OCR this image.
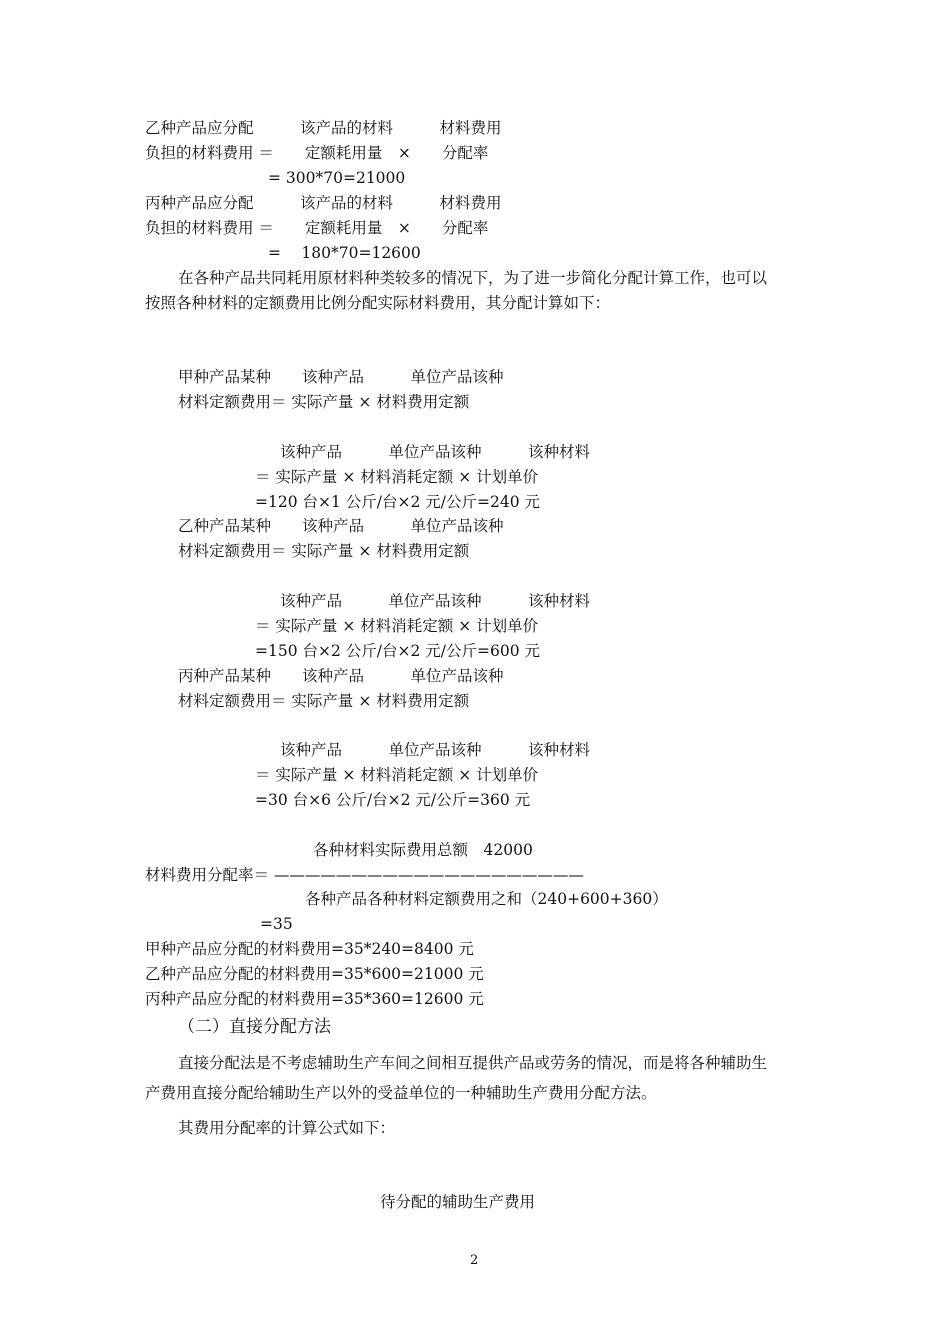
乙种产品应分配　　　该产品的材料　　　材料费用
负担的材料费用 ＝　　定额耗用量　×　　分配率
= 300*70=21000
丙种产品应分配　　　该产品的材料　　　材料费用
负担的材料费用 ＝　　定额耗用量　×　　分配率
=　 180*70=12600
在各种产品共同耗用原材料种类较多的情况下，为了进一步简化分配计算工作，也可以
按照各种材料的定额费用比例分配实际材料费用，其分配计算如下：
甲种产品某种　　该种产品　　　单位产品该种
材料定额费用＝ 实际产量 × 材料费用定额
该种产品　　　单位产品该种　　　该种材料
＝ 实际产量 × 材料消耗定额 × 计划单价
=120 台×1 公斤/台×2 元/公斤=240 元
乙种产品某种　　该种产品　　　单位产品该种
材料定额费用＝ 实际产量 × 材料费用定额
该种产品　　　单位产品该种　　　该种材料
＝ 实际产量 × 材料消耗定额 × 计划单价
=150 台×2 公斤/台×2 元/公斤=600 元
丙种产品某种　　该种产品　　　单位产品该种
材料定额费用＝ 实际产量 × 材料费用定额
该种产品　　　单位产品该种　　　该种材料
＝ 实际产量 × 材料消耗定额 × 计划单价
=30 台×6 公斤/台×2 元/公斤=360 元
各种材料实际费用总额　42000
材料费用分配率＝ ————————————————————
各种产品各种材料定额费用之和（240+600+360）
=35
甲种产品应分配的材料费用=35*240=8400 元
乙种产品应分配的材料费用=35*600=21000 元
丙种产品应分配的材料费用=35*360=12600 元
（二）直接分配方法
直接分配法是不考虑辅助生产车间之间相互提供产品或劳务的情况，而是将各种辅助生
产费用直接分配给辅助生产以外的受益单位的一种辅助生产费用分配方法。
其费用分配率的计算公式如下：
待分配的辅助生产费用
2
